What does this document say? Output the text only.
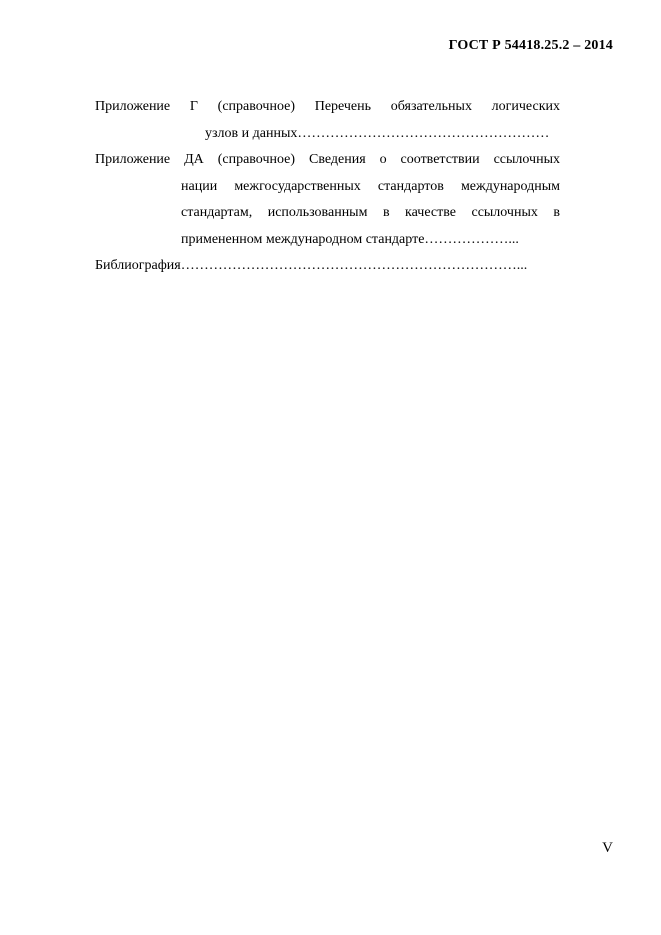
ГОСТ Р 54418.25.2 – 2014
Приложение Г (справочное) Перечень обязательных логических
узлов и данных………………………………………………
Приложение ДА (справочное) Сведения о соответствии ссылочных
нации межгосударственных стандартов международным
стандартам, использованным в качестве ссылочных в
примененном международном стандарте………………...
Библиография………………………………………………………………...
V
